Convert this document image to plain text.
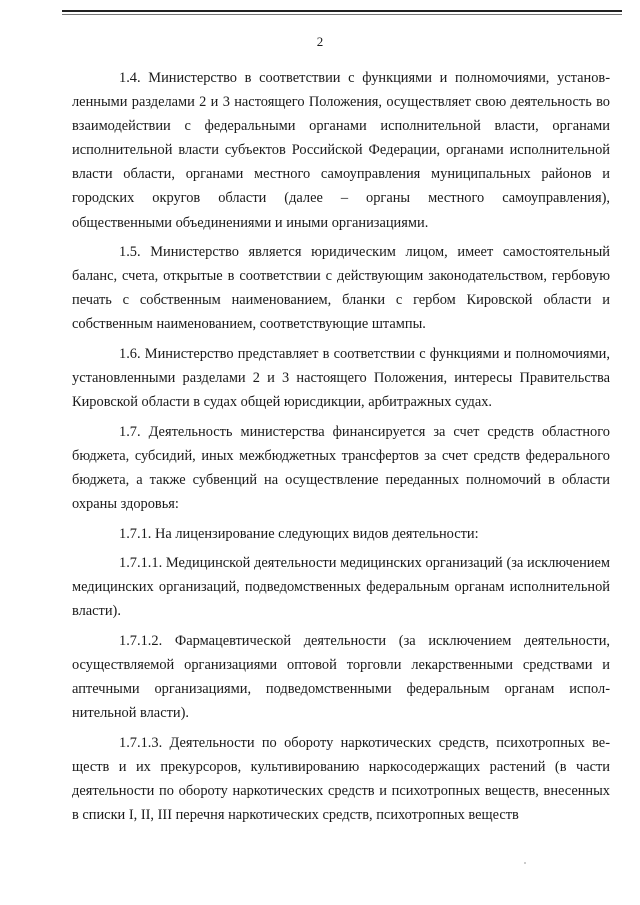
2

1.4. Министерство в соответствии с функциями и полномочиями, установленными разделами 2 и 3 настоящего Положения, осуществляет свою деятельность во взаимодействии с федеральными органами исполнительной власти, органами исполнительной власти субъектов Российской Федерации, органами исполнительной власти области, органами местного самоуправления муниципальных районов и городских округов области (далее – органы местного самоуправления), общественными объединениями и иными организациями.

1.5. Министерство является юридическим лицом, имеет самостоятельный баланс, счета, открытые в соответствии с действующим законодательством, гербовую печать с собственным наименованием, бланки с гербом Кировской области и собственным наименованием, соответствующие штампы.

1.6. Министерство представляет в соответствии с функциями и полномочиями, установленными разделами 2 и 3 настоящего Положения, интересы Правительства Кировской области в судах общей юрисдикции, арбитражных судах.

1.7. Деятельность министерства финансируется за счет средств областного бюджета, субсидий, иных межбюджетных трансфертов за счет средств федерального бюджета, а также субвенций на осуществление переданных полномочий в области охраны здоровья:

1.7.1. На лицензирование следующих видов деятельности:

1.7.1.1. Медицинской деятельности медицинских организаций (за исключением медицинских организаций, подведомственных федеральным органам исполнительной власти).

1.7.1.2. Фармацевтической деятельности (за исключением деятельности, осуществляемой организациями оптовой торговли лекарственными средствами и аптечными организациями, подведомственными федеральным органам исполнительной власти).

1.7.1.3. Деятельности по обороту наркотических средств, психотропных веществ и их прекурсоров, культивированию наркосодержащих растений (в части деятельности по обороту наркотических средств и психотропных веществ, внесенных в списки I, II, III перечня наркотических средств, психотропных веществ
